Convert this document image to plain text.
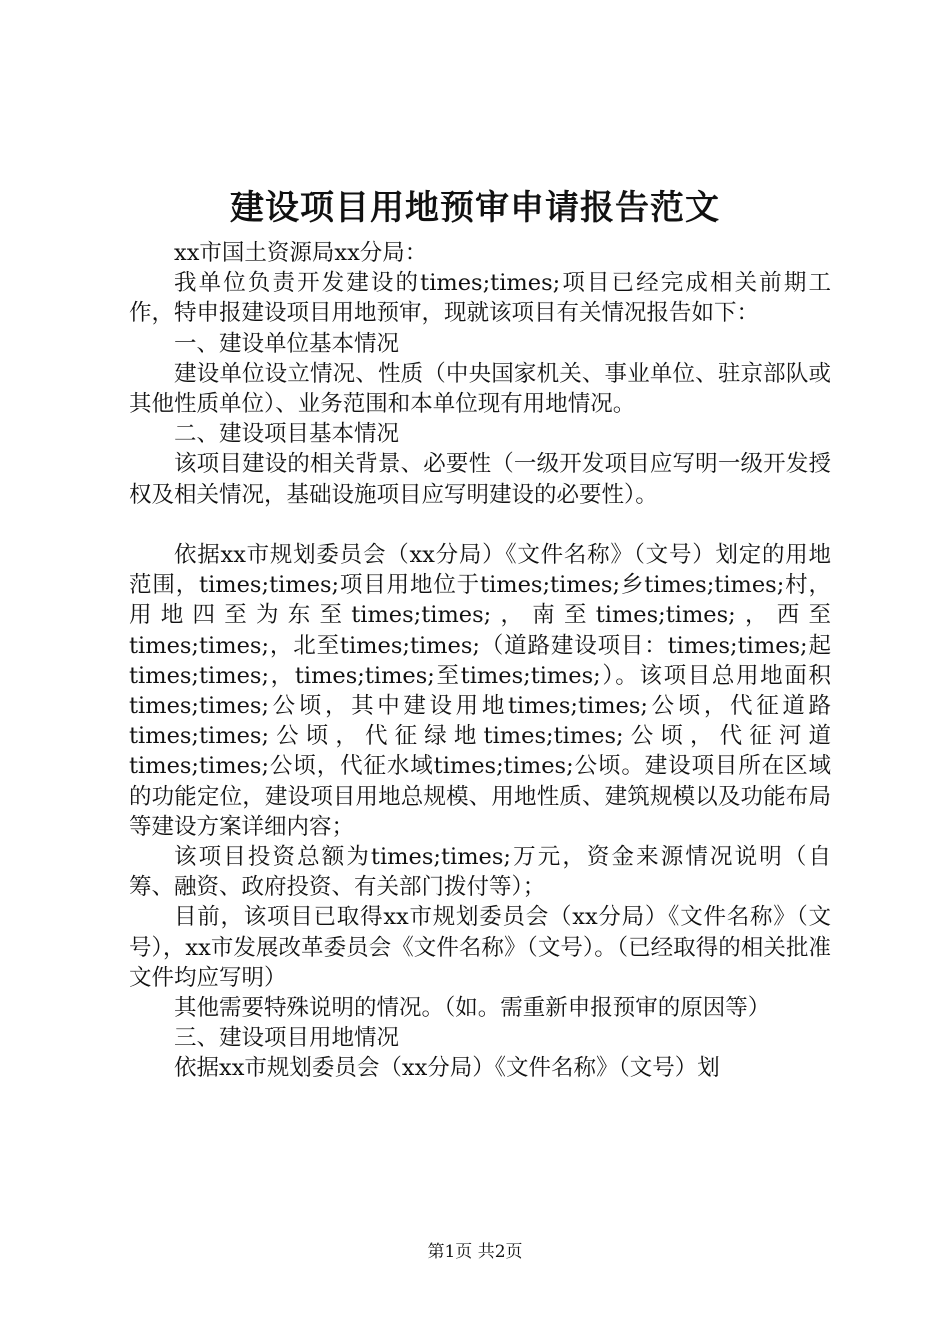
建设项目用地预审申请报告范文

xx市国土资源局xx分局：

我单位负责开发建设的times;times;项目已经完成相关前期工作，特申报建设项目用地预审，现就该项目有关情况报告如下：

一、建设单位基本情况

建设单位设立情况、性质（中央国家机关、事业单位、驻京部队或其他性质单位）、业务范围和本单位现有用地情况。

二、建设项目基本情况

该项目建设的相关背景、必要性（一级开发项目应写明一级开发授权及相关情况，基础设施项目应写明建设的必要性）。

依据xx市规划委员会（xx分局）《文件名称》（文号）划定的用地范围，times;times;项目用地位于times;times;乡times;times;村，用地四至为东至times;times;，南至times;times;，西至times;times;，北至times;times;（道路建设项目：times;times;起times;times;，times;times;至times;times;）。该项目总用地面积times;times;公顷，其中建设用地times;times;公顷，代征道路times;times;公顷，代征绿地times;times;公顷，代征河道times;times;公顷，代征水域times;times;公顷。建设项目所在区域的功能定位，建设项目用地总规模、用地性质、建筑规模以及功能布局等建设方案详细内容；

该项目投资总额为times;times;万元，资金来源情况说明（自筹、融资、政府投资、有关部门拨付等）；

目前，该项目已取得xx市规划委员会（xx分局）《文件名称》（文号），xx市发展改革委员会《文件名称》（文号）。（已经取得的相关批准文件均应写明）

其他需要特殊说明的情况。（如。需重新申报预审的原因等）

三、建设项目用地情况

依据xx市规划委员会（xx分局）《文件名称》（文号）划

第1页 共2页
